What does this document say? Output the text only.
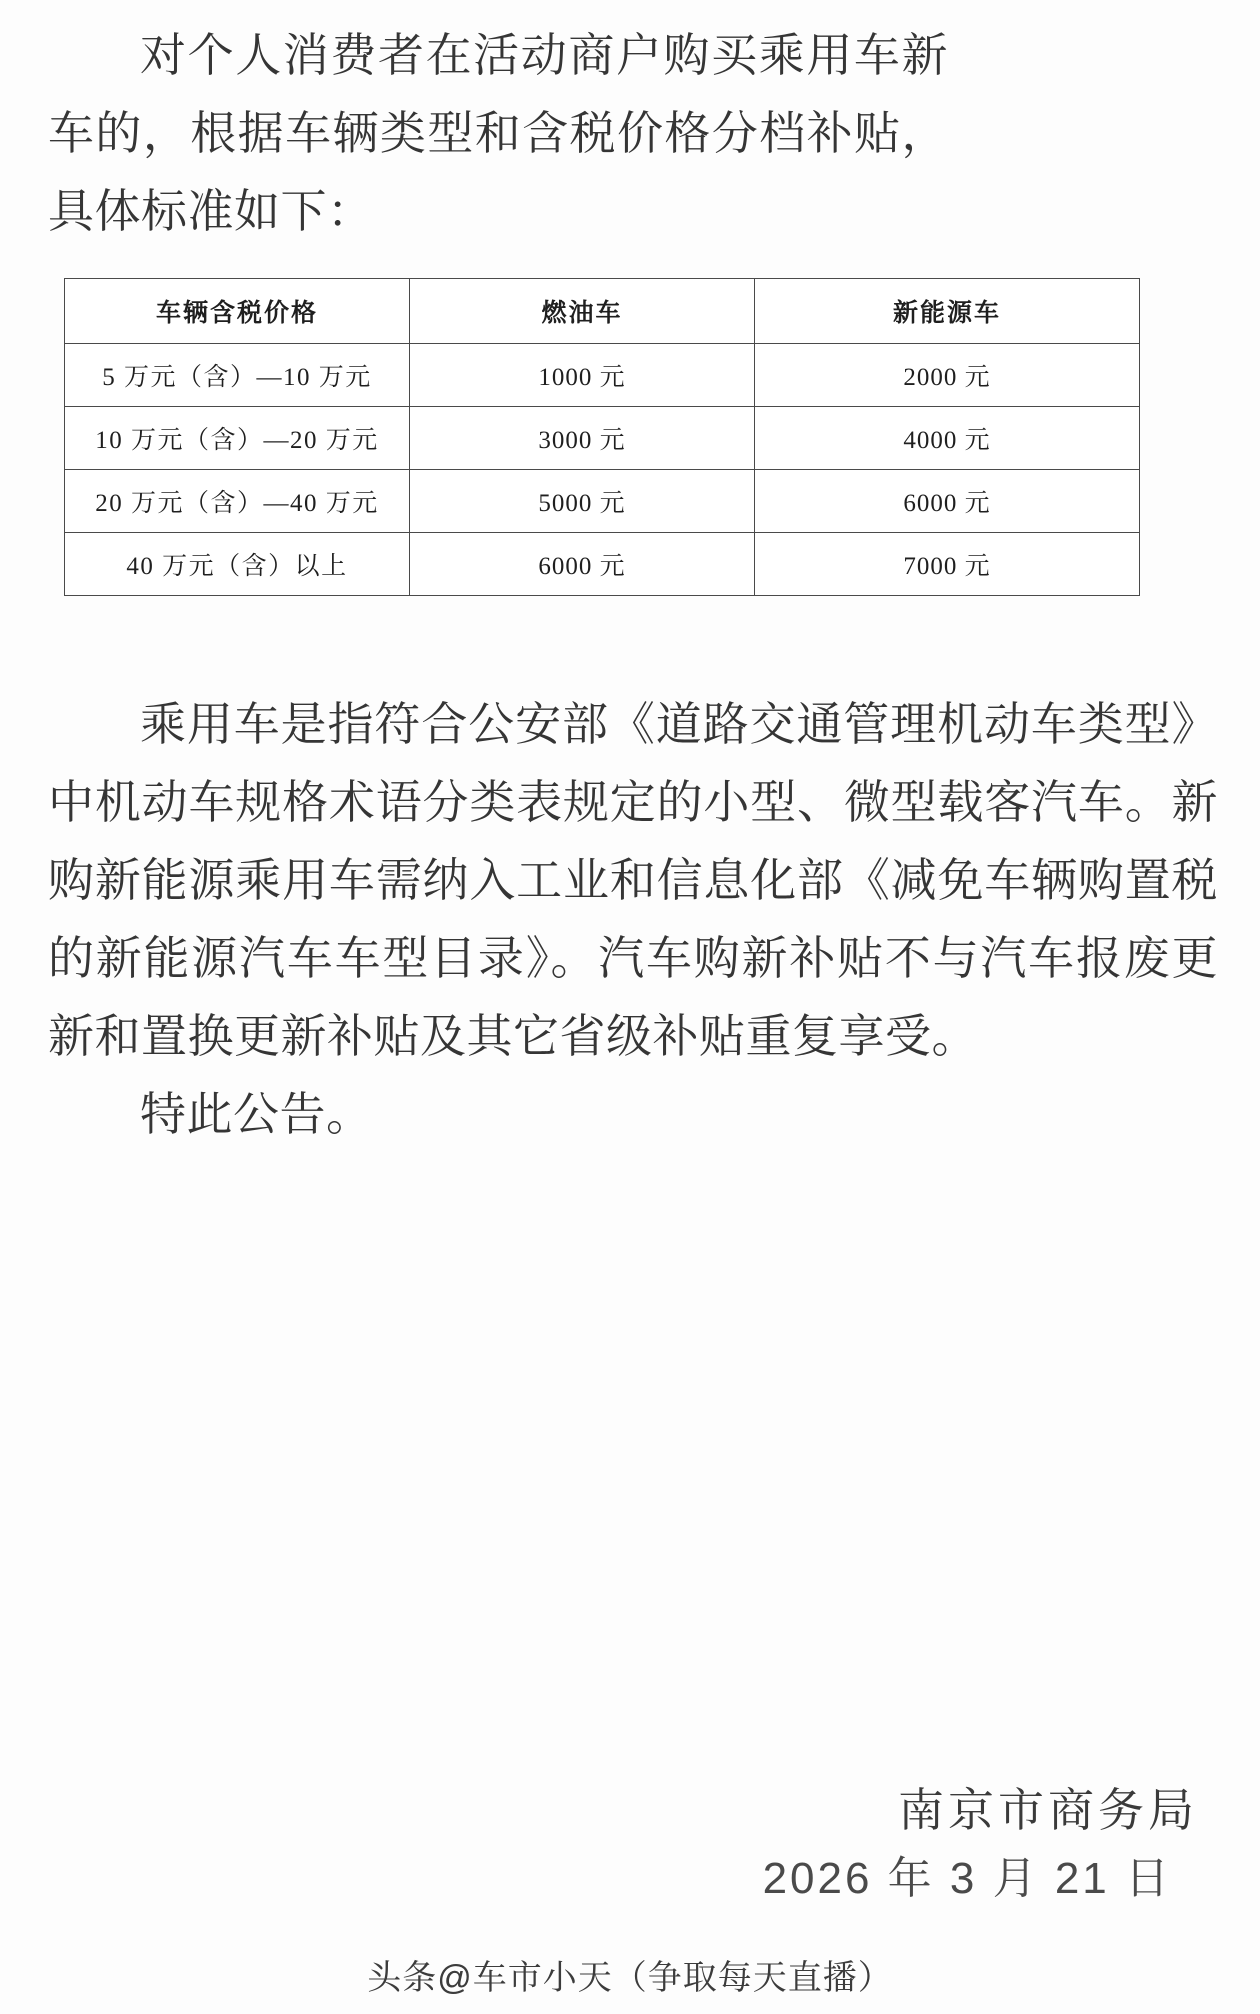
对个人消费者在活动商户购买乘用车新车的，根据车辆类型和含税价格分档补贴，具体标准如下：

车辆含税价格	燃油车	新能源车
5 万元（含）—10 万元	1000 元	2000 元
10 万元（含）—20 万元	3000 元	4000 元
20 万元（含）—40 万元	5000 元	6000 元
40 万元（含）以上	6000 元	7000 元

乘用车是指符合公安部《道路交通管理机动车类型》中机动车规格术语分类表规定的小型、微型载客汽车。新购新能源乘用车需纳入工业和信息化部《减免车辆购置税的新能源汽车车型目录》。汽车购新补贴不与汽车报废更新和置换更新补贴及其它省级补贴重复享受。

特此公告。

南京市商务局
2026 年 3 月 21 日
头条@车市小天（争取每天直播）
